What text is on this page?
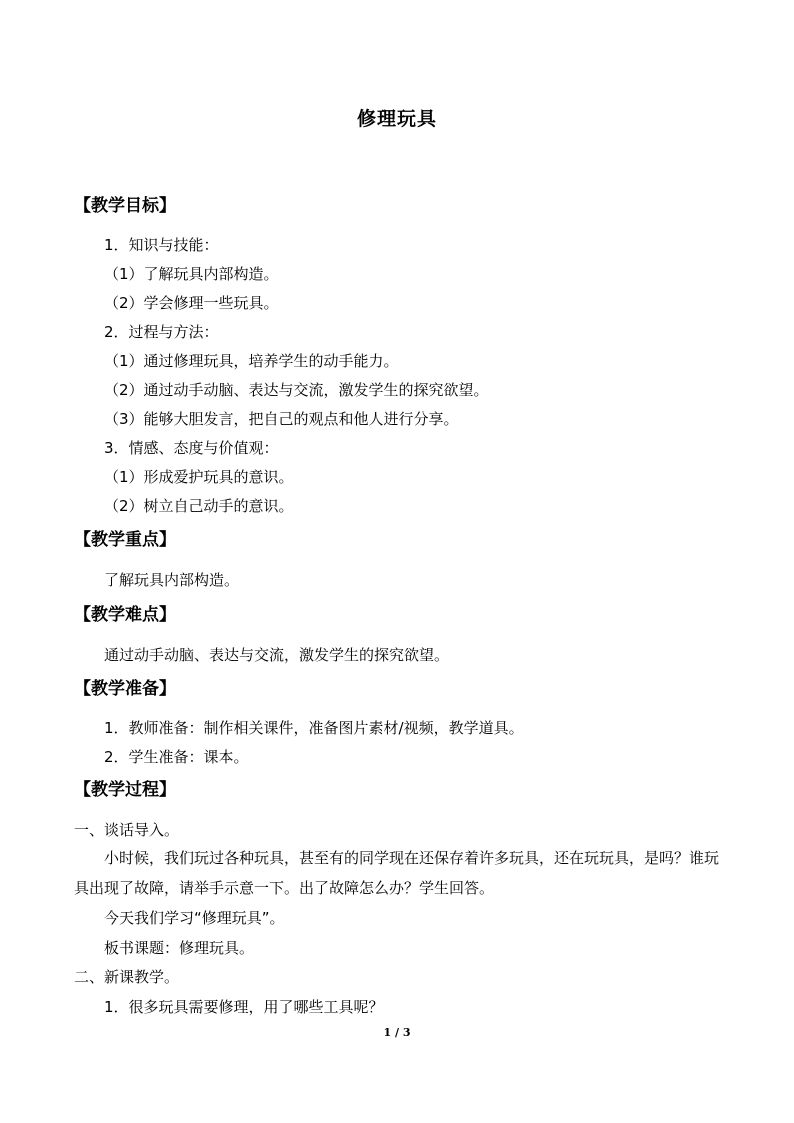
修理玩具
【教学目标】
1．知识与技能：
（1）了解玩具内部构造。
（2）学会修理一些玩具。
2．过程与方法：
（1）通过修理玩具，培养学生的动手能力。
（2）通过动手动脑、表达与交流，激发学生的探究欲望。
（3）能够大胆发言，把自己的观点和他人进行分享。
3．情感、态度与价值观：
（1）形成爱护玩具的意识。
（2）树立自己动手的意识。
【教学重点】
了解玩具内部构造。
【教学难点】
通过动手动脑、表达与交流，激发学生的探究欲望。
【教学准备】
1．教师准备：制作相关课件，准备图片素材/视频，教学道具。
2．学生准备：课本。
【教学过程】
一、谈话导入。
小时候，我们玩过各种玩具，甚至有的同学现在还保存着许多玩具，还在玩玩具，是吗？谁玩具出现了故障，请举手示意一下。出了故障怎么办？学生回答。
今天我们学习“修理玩具”。
板书课题：修理玩具。
二、新课教学。
1．很多玩具需要修理，用了哪些工具呢？
1 / 3
